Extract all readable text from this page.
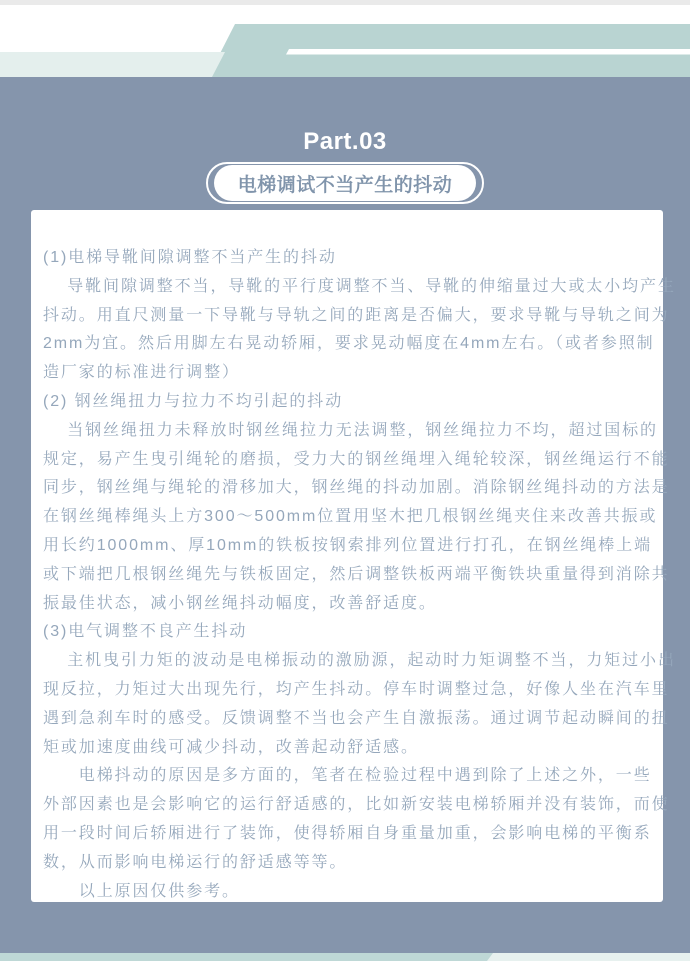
Part.03
电梯调试不当产生的抖动
(1)电梯导靴间隙调整不当产生的抖动
　 导靴间隙调整不当，导靴的平行度调整不当、导靴的伸缩量过大或太小均产生
抖动。用直尺测量一下导靴与导轨之间的距离是否偏大，要求导靴与导轨之间为
2mm为宜。然后用脚左右晃动轿厢，要求晃动幅度在4mm左右。（或者参照制
造厂家的标准进行调整）
(2) 钢丝绳扭力与拉力不均引起的抖动
　 当钢丝绳扭力未释放时钢丝绳拉力无法调整，钢丝绳拉力不均，超过国标的
规定，易产生曳引绳轮的磨损，受力大的钢丝绳埋入绳轮较深，钢丝绳运行不能
同步，钢丝绳与绳轮的滑移加大，钢丝绳的抖动加剧。消除钢丝绳抖动的方法是
在钢丝绳棒绳头上方300～500mm位置用坚木把几根钢丝绳夹住来改善共振或
用长约1000mm、厚10mm的铁板按钢索排列位置进行打孔，在钢丝绳棒上端
或下端把几根钢丝绳先与铁板固定，然后调整铁板两端平衡铁块重量得到消除共
振最佳状态，减小钢丝绳抖动幅度，改善舒适度。
(3)电气调整不良产生抖动
　 主机曳引力矩的波动是电梯振动的激励源，起动时力矩调整不当，力矩过小出
现反拉，力矩过大出现先行，均产生抖动。停车时调整过急，好像人坐在汽车里
遇到急刹车时的感受。反馈调整不当也会产生自激振荡。通过调节起动瞬间的扭
矩或加速度曲线可减少抖动，改善起动舒适感。
　　电梯抖动的原因是多方面的，笔者在检验过程中遇到除了上述之外，一些
外部因素也是会影响它的运行舒适感的，比如新安装电梯轿厢并没有装饰，而使
用一段时间后轿厢进行了装饰，使得轿厢自身重量加重，会影响电梯的平衡系
数，从而影响电梯运行的舒适感等等。
　　以上原因仅供参考。
